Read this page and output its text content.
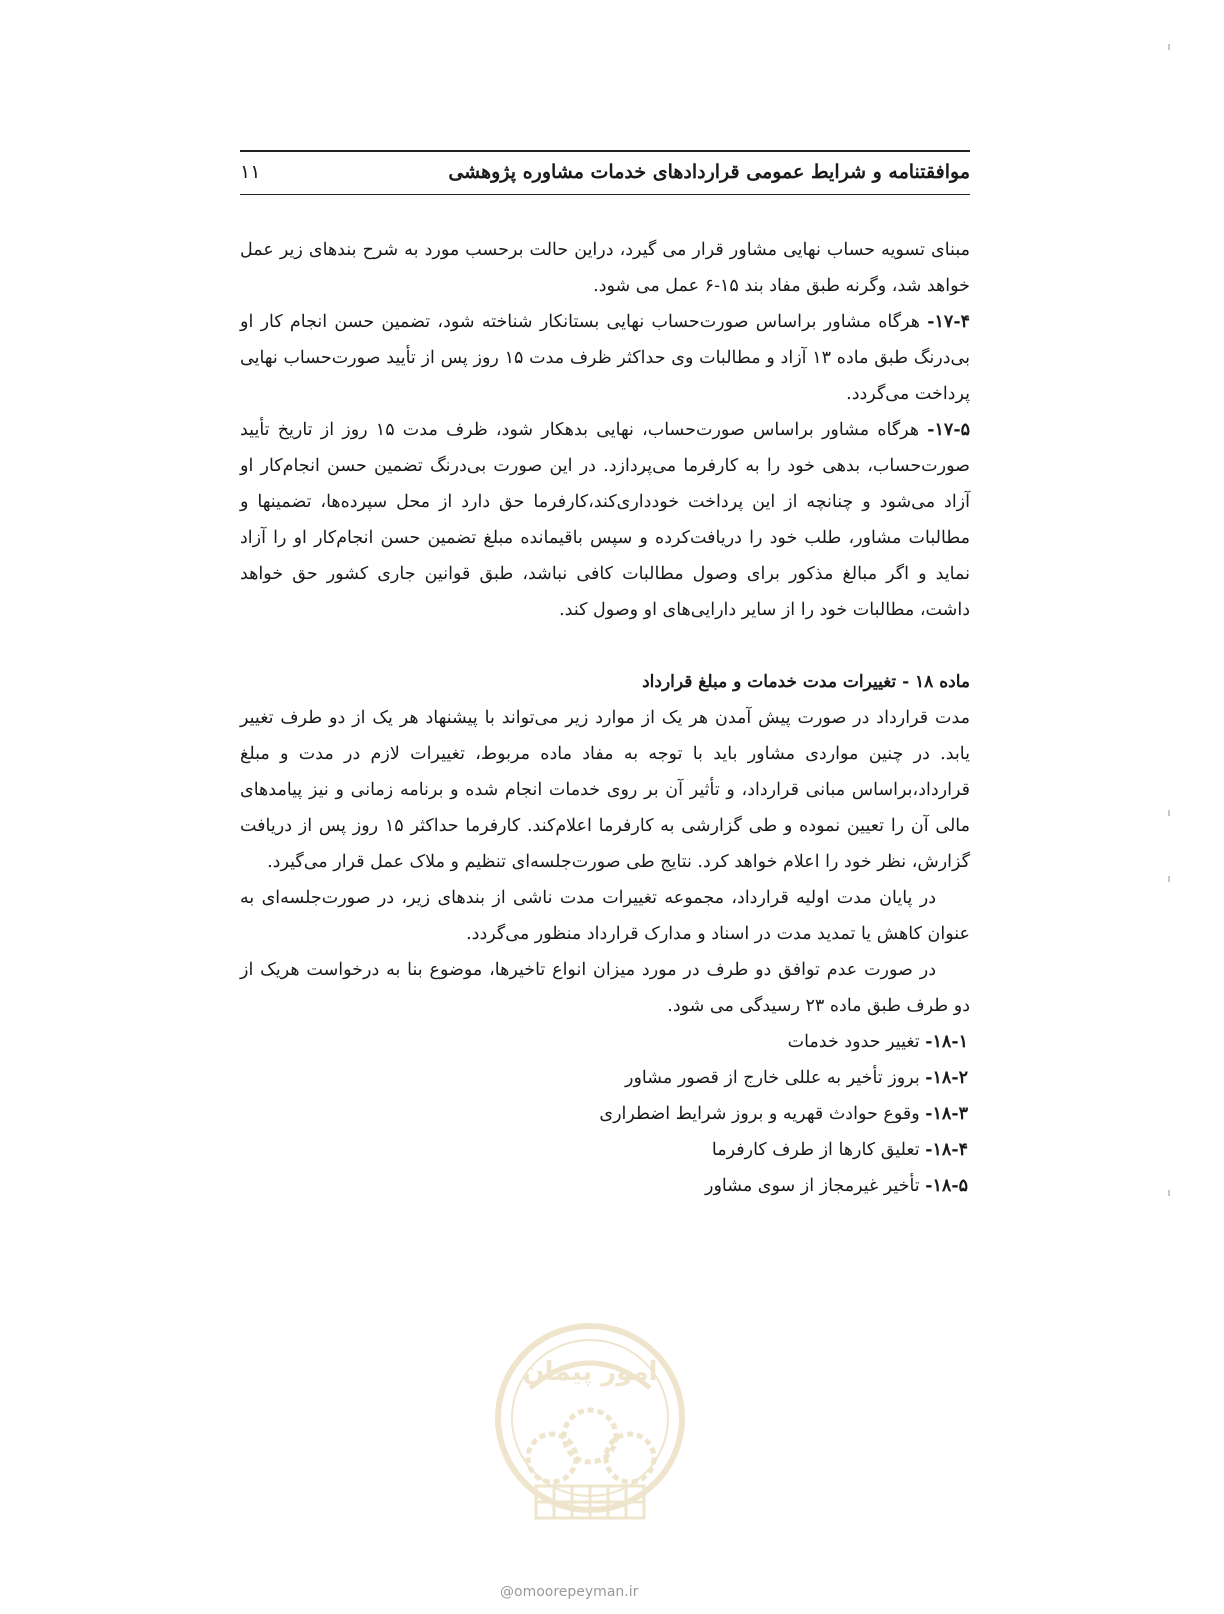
موافقتنامه و شرایط عمومی قراردادهای خدمات مشاوره پژوهشی
۱۱

مبنای تسویه حساب نهایی مشاور قرار می گیرد، دراین حالت برحسب مورد به شرح بندهای زیر عمل خواهد شد، وگرنه طبق مفاد بند ۱۵-۶ عمل می شود.

۱۷-۴- هرگاه مشاور براساس صورت‌حساب نهایی بستانکار شناخته شود، تضمین حسن انجام کار او بی‌درنگ طبق ماده ۱۳ آزاد و مطالبات وی حداکثر ظرف مدت ۱۵ روز پس از تأیید صورت‌حساب نهایی پرداخت می‌گردد.

۱۷-۵- هرگاه مشاور براساس صورت‌حساب، نهایی بدهکار شود، ظرف مدت ۱۵ روز از تاریخ تأیید صورت‌حساب، بدهی خود را به کارفرما می‌پردازد. در این صورت بی‌درنگ تضمین حسن انجام‌کار او آزاد می‌شود و چنانچه از این پرداخت خودداری‌کند،کارفرما حق دارد از محل سپرده‌ها، تضمینها و مطالبات مشاور، طلب خود را دریافت‌کرده و سپس باقیمانده مبلغ تضمین حسن انجام‌کار او را آزاد نماید و اگر مبالغ مذکور برای وصول مطالبات کافی نباشد، طبق قوانین جاری کشور حق خواهد داشت، مطالبات خود را از سایر دارایی‌های او وصول کند.

ماده ۱۸ - تغییرات مدت خدمات و مبلغ قرارداد

مدت قرارداد در صورت پیش آمدن هر یک از موارد زیر می‌تواند با پیشنهاد هر یک از دو طرف تغییر یابد. در چنین مواردی مشاور باید با توجه به مفاد ماده مربوط، تغییرات لازم در مدت و مبلغ قرارداد،براساس مبانی قرارداد، و تأثیر آن بر روی خدمات انجام شده و برنامه زمانی و نیز پیامدهای مالی آن را تعیین نموده و طی گزارشی به کارفرما اعلام‌کند. کارفرما حداکثر ۱۵ روز پس از دریافت گزارش، نظر خود را اعلام خواهد کرد. نتایج طی صورت‌جلسه‌ای تنظیم و ملاک عمل قرار می‌گیرد.

در پایان مدت اولیه قرارداد، مجموعه تغییرات مدت ناشی از بندهای زیر، در صورت‌جلسه‌ای به عنوان کاهش یا تمدید مدت در اسناد و مدارک قرارداد منظور می‌گردد.

در صورت عدم توافق دو طرف در مورد میزان انواع تاخیرها، موضوع بنا به درخواست هریک از دو طرف طبق ماده ۲۳ رسیدگی می شود.

۱۸-۱- تغییر حدود خدمات
۱۸-۲- بروز تأخیر به عللی خارج از قصور مشاور
۱۸-۳- وقوع حوادث قهریه و بروز شرایط اضطراری
۱۸-۴- تعلیق کارها از طرف کارفرما
۱۸-۵- تأخیر غیرمجاز از سوی مشاور
امور پیمان
@omoorepeyman.ir
